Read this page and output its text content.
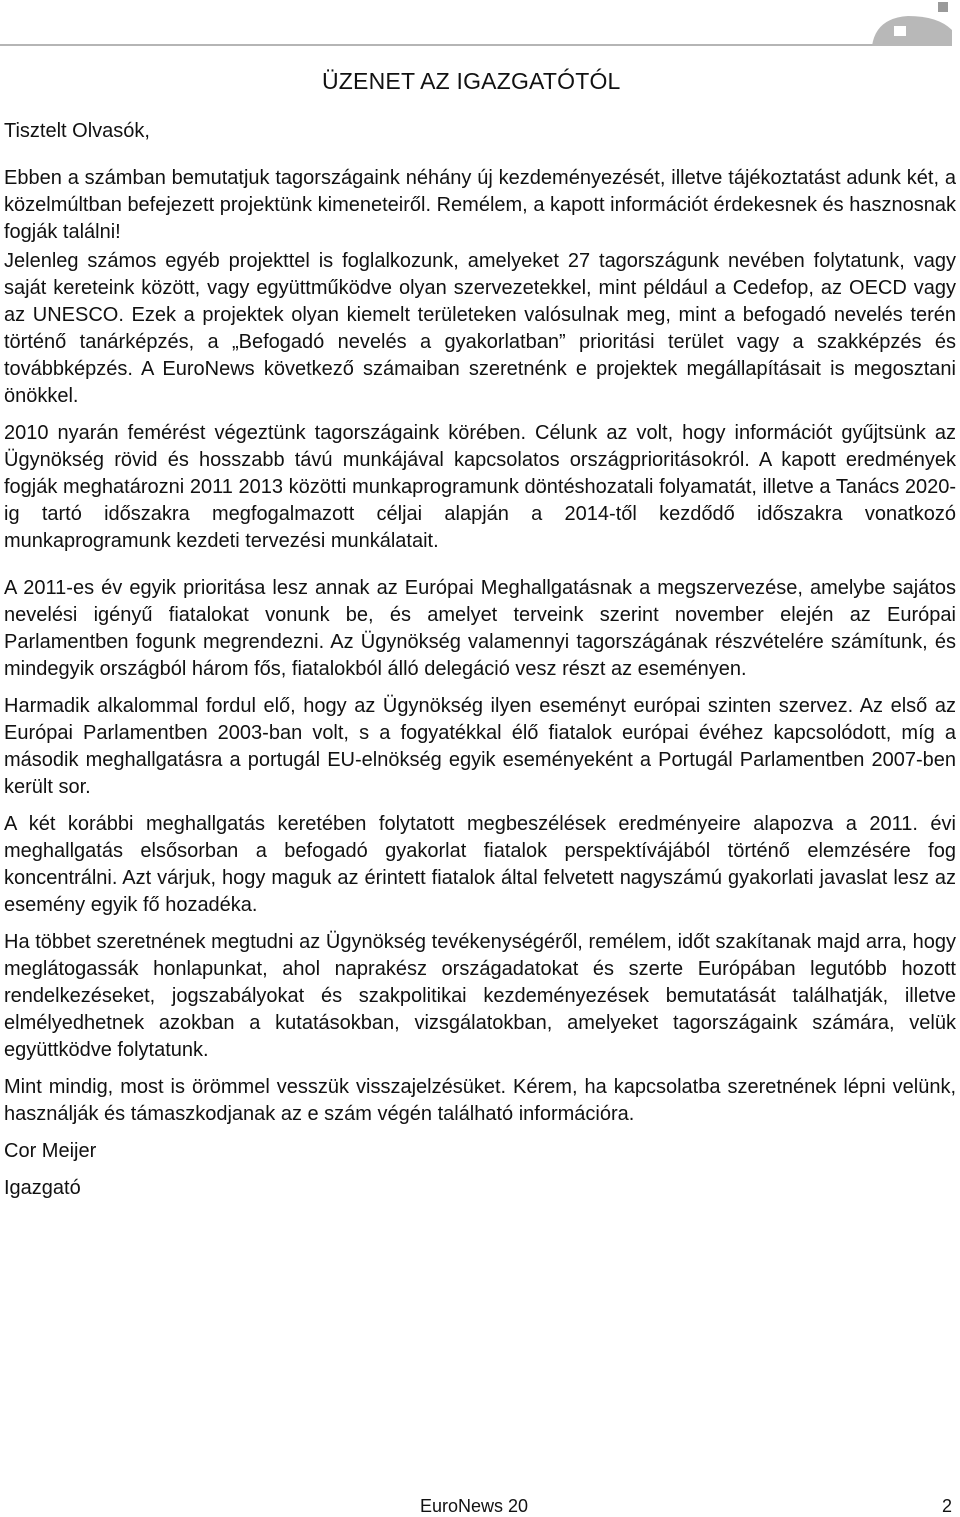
ÜZENET AZ IGAZGATÓTÓL

Tisztelt Olvasók,

Ebben a számban bemutatjuk tagországaink néhány új kezdeményezését, illetve tájékoztatást adunk két, a közelmúltban befejezett projektünk kimeneteiről. Remélem, a kapott információt érdekesnek és hasznosnak fogják találni!

Jelenleg számos egyéb projekttel is foglalkozunk, amelyeket 27 tagországunk nevében folytatunk, vagy saját kereteink között, vagy együttműködve olyan szervezetekkel, mint például a Cedefop, az OECD vagy az UNESCO. Ezek a projektek olyan kiemelt területeken valósulnak meg, mint a befogadó nevelés terén történő tanárképzés, a „Befogadó nevelés a gyakorlatban” prioritási terület vagy a szakképzés és továbbképzés. A EuroNews következő számaiban szeretnénk e projektek megállapításait is megosztani önökkel.

2010 nyarán femérést végeztünk tagországaink körében. Célunk az volt, hogy információt gyűjtsünk az Ügynökség rövid és hosszabb távú munkájával kapcsolatos országprioritásokról. A kapott eredmények fogják meghatározni 2011 2013 közötti munkaprogramunk döntéshozatali folyamatát, illetve a Tanács 2020-ig tartó időszakra megfogalmazott céljai alapján a 2014-től kezdődő időszakra vonatkozó munkaprogramunk kezdeti tervezési munkálatait.

A 2011-es év egyik prioritása lesz annak az Európai Meghallgatásnak a megszervezése, amelybe sajátos nevelési igényű fiatalokat vonunk be, és amelyet terveink szerint november elején az Európai Parlamentben fogunk megrendezni. Az Ügynökség valamennyi tagországának részvételére számítunk, és mindegyik országból három fős, fiatalokból álló delegáció vesz részt az eseményen.

Harmadik alkalommal fordul elő, hogy az Ügynökség ilyen eseményt európai szinten szervez. Az első az Európai Parlamentben 2003-ban volt, s a fogyatékkal élő fiatalok európai évéhez kapcsolódott, míg a második meghallgatásra a portugál EU-elnökség egyik eseményeként a Portugál Parlamentben 2007-ben került sor.

A két korábbi meghallgatás keretében folytatott megbeszélések eredményeire alapozva a 2011. évi meghallgatás elsősorban a befogadó gyakorlat fiatalok perspektívájából történő elemzésére fog koncentrálni. Azt várjuk, hogy maguk az érintett fiatalok által felvetett nagyszámú gyakorlati javaslat lesz az esemény egyik fő hozadéka.

Ha többet szeretnének megtudni az Ügynökség tevékenységéről, remélem, időt szakítanak majd arra, hogy meglátogassák honlapunkat, ahol naprakész országadatokat és szerte Európában legutóbb hozott rendelkezéseket, jogszabályokat és szakpolitikai kezdeményezések bemutatását találhatják, illetve elmélyedhetnek azokban a kutatásokban, vizsgálatokban, amelyeket tagországaink számára, velük együttködve folytatunk.

Mint mindig, most is örömmel vesszük visszajelzésüket. Kérem, ha kapcsolatba szeretnének lépni velünk, használják és támaszkodjanak az e szám végén található információra.

Cor Meijer

Igazgató

EuroNews 20	2
